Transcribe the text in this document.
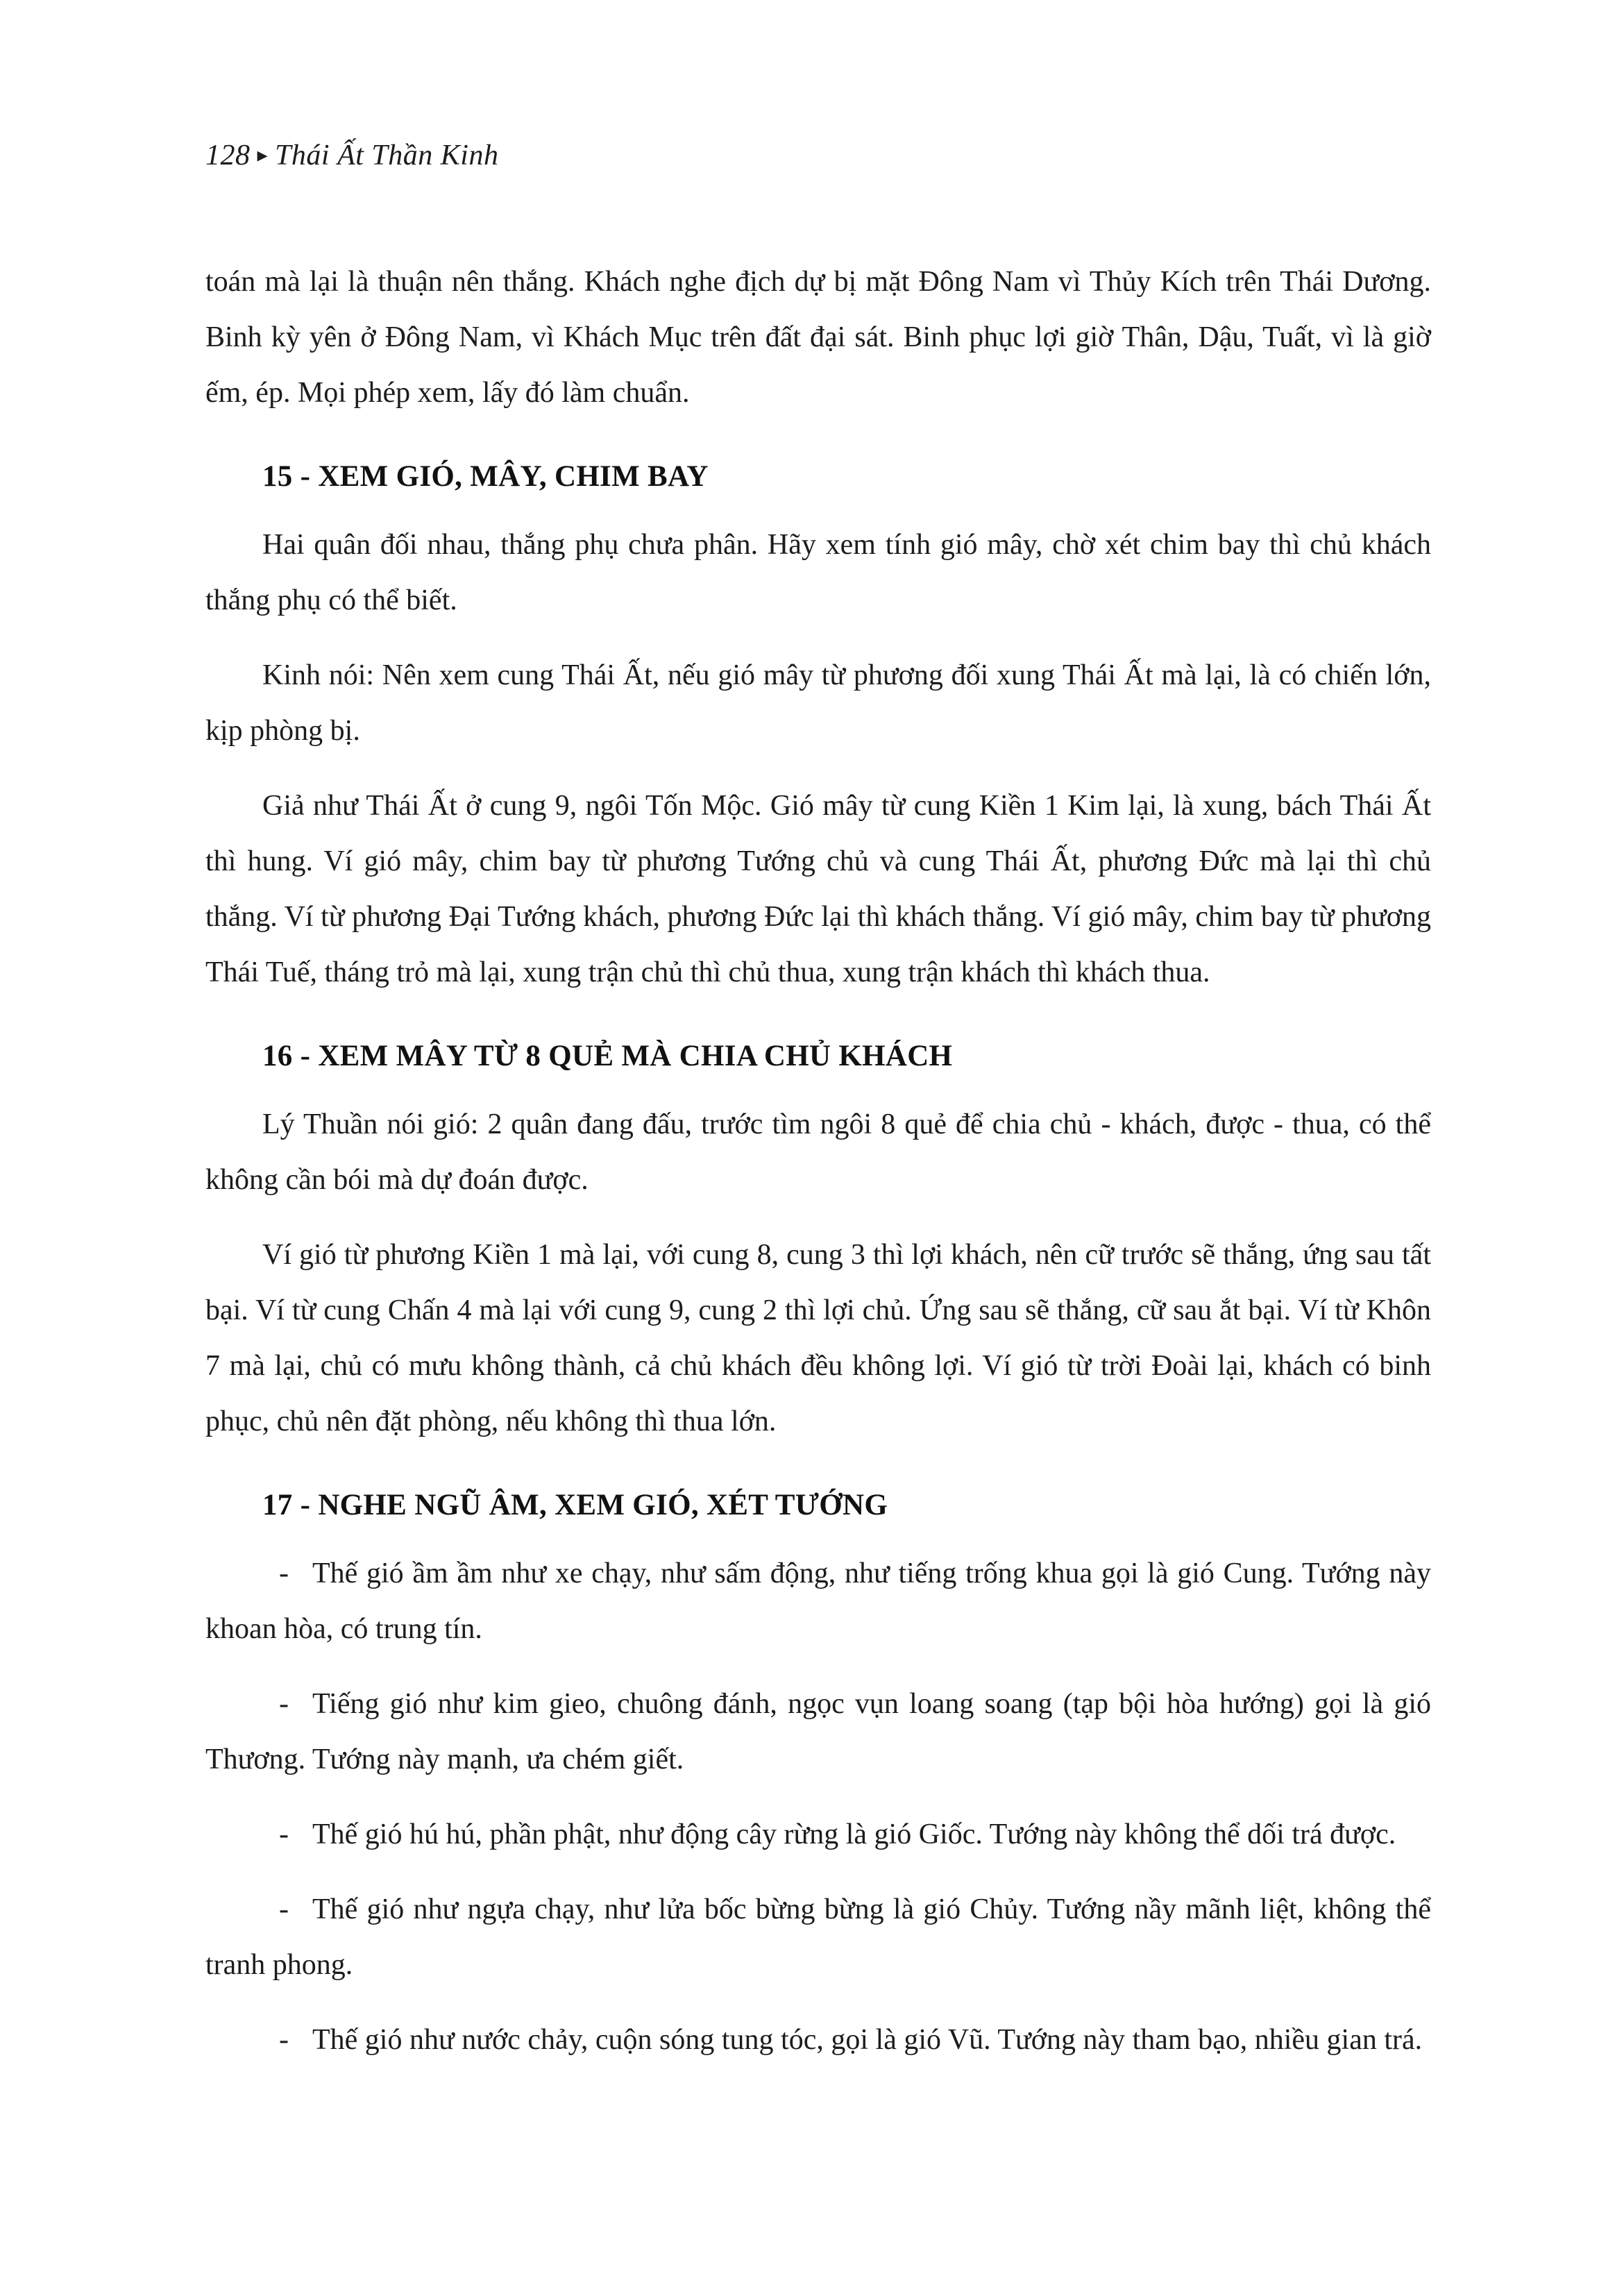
128 ▸ Thái Ất Thần Kinh

toán mà lại là thuận nên thắng. Khách nghe địch dự bị mặt Đông Nam vì Thủy Kích trên Thái Dương. Binh kỳ yên ở Đông Nam, vì Khách Mục trên đất đại sát. Binh phục lợi giờ Thân, Dậu, Tuất, vì là giờ ếm, ép. Mọi phép xem, lấy đó làm chuẩn.

15 - XEM GIÓ, MÂY, CHIM BAY

Hai quân đối nhau, thắng phụ chưa phân. Hãy xem tính gió mây, chờ xét chim bay thì chủ khách thắng phụ có thể biết.

Kinh nói: Nên xem cung Thái Ất, nếu gió mây từ phương đối xung Thái Ất mà lại, là có chiến lớn, kịp phòng bị.

Giả như Thái Ất ở cung 9, ngôi Tốn Mộc. Gió mây từ cung Kiền 1 Kim lại, là xung, bách Thái Ất thì hung. Ví gió mây, chim bay từ phương Tướng chủ và cung Thái Ất, phương Đức mà lại thì chủ thắng. Ví từ phương Đại Tướng khách, phương Đức lại thì khách thắng. Ví gió mây, chim bay từ phương Thái Tuế, tháng trỏ mà lại, xung trận chủ thì chủ thua, xung trận khách thì khách thua.

16 - XEM MÂY TỪ 8 QUẺ MÀ CHIA CHỦ KHÁCH

Lý Thuần nói gió: 2 quân đang đấu, trước tìm ngôi 8 quẻ để chia chủ - khách, được - thua, có thể không cần bói mà dự đoán được.

Ví gió từ phương Kiền 1 mà lại, với cung 8, cung 3 thì lợi khách, nên cữ trước sẽ thắng, ứng sau tất bại. Ví từ cung Chấn 4 mà lại với cung 9, cung 2 thì lợi chủ. Ứng sau sẽ thắng, cữ sau ắt bại. Ví từ Khôn 7 mà lại, chủ có mưu không thành, cả chủ khách đều không lợi. Ví gió từ trời Đoài lại, khách có binh phục, chủ nên đặt phòng, nếu không thì thua lớn.

17 - NGHE NGŨ ÂM, XEM GIÓ, XÉT TƯỚNG

- Thế gió ầm ầm như xe chạy, như sấm động, như tiếng trống khua gọi là gió Cung. Tướng này khoan hòa, có trung tín.

- Tiếng gió như kim gieo, chuông đánh, ngọc vụn loang soang (tạp bội hòa hướng) gọi là gió Thương. Tướng này mạnh, ưa chém giết.

- Thế gió hú hú, phần phật, như động cây rừng là gió Giốc. Tướng này không thể dối trá được.

- Thế gió như ngựa chạy, như lửa bốc bừng bừng là gió Chủy. Tướng nầy mãnh liệt, không thể tranh phong.

- Thế gió như nước chảy, cuộn sóng tung tóc, gọi là gió Vũ. Tướng này tham bạo, nhiều gian trá.
